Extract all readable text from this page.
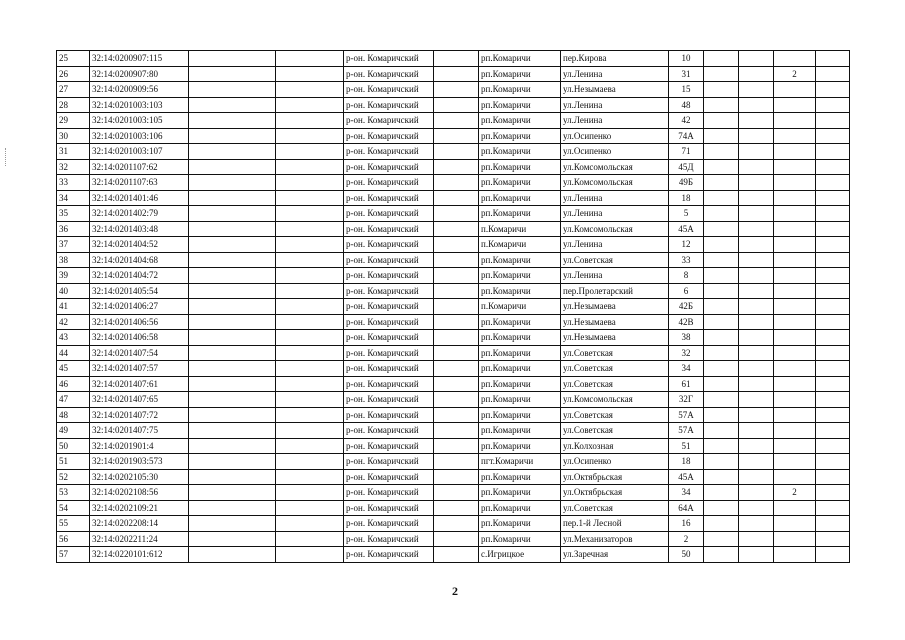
25	32:14:0200907:115			р-он. Комаричский		рп.Комаричи	пер.Кирова	10				
26	32:14:0200907:80			р-он. Комаричский		рп.Комаричи	ул.Ленина	31			2	
27	32:14:0200909:56			р-он. Комаричский		рп.Комаричи	ул.Незымаева	15				
28	32:14:0201003:103			р-он. Комаричский		рп.Комаричи	ул.Ленина	48				
29	32:14:0201003:105			р-он. Комаричский		рп.Комаричи	ул.Ленина	42				
30	32:14:0201003:106			р-он. Комаричский		рп.Комаричи	ул.Осипенко	74А				
31	32:14:0201003:107			р-он. Комаричский		рп.Комаричи	ул.Осипенко	71				
32	32:14:0201107:62			р-он. Комаричский		рп.Комаричи	ул.Комсомольская	45Д				
33	32:14:0201107:63			р-он. Комаричский		рп.Комаричи	ул.Комсомольская	49Б				
34	32:14:0201401:46			р-он. Комаричский		рп.Комаричи	ул.Ленина	18				
35	32:14:0201402:79			р-он. Комаричский		рп.Комаричи	ул.Ленина	5				
36	32:14:0201403:48			р-он. Комаричский		п.Комаричи	ул.Комсомольская	45А				
37	32:14:0201404:52			р-он. Комаричский		п.Комаричи	ул.Ленина	12				
38	32:14:0201404:68			р-он. Комаричский		рп.Комаричи	ул.Советская	33				
39	32:14:0201404:72			р-он. Комаричский		рп.Комаричи	ул.Ленина	8				
40	32:14:0201405:54			р-он. Комаричский		рп.Комаричи	пер.Пролетарский	6				
41	32:14:0201406:27			р-он. Комаричский		п.Комаричи	ул.Незымаева	42Б				
42	32:14:0201406:56			р-он. Комаричский		рп.Комаричи	ул.Незымаева	42В				
43	32:14:0201406:58			р-он. Комаричский		рп.Комаричи	ул.Незымаева	38				
44	32:14:0201407:54			р-он. Комаричский		рп.Комаричи	ул.Советская	32				
45	32:14:0201407:57			р-он. Комаричский		рп.Комаричи	ул.Советская	34				
46	32:14:0201407:61			р-он. Комаричский		рп.Комаричи	ул.Советская	61				
47	32:14:0201407:65			р-он. Комаричский		рп.Комаричи	ул.Комсомольская	32Г				
48	32:14:0201407:72			р-он. Комаричский		рп.Комаричи	ул.Советская	57А				
49	32:14:0201407:75			р-он. Комаричский		рп.Комаричи	ул.Советская	57А				
50	32:14:0201901:4			р-он. Комаричский		рп.Комаричи	ул.Колхозная	51				
51	32:14:0201903:573			р-он. Комаричский		пгт.Комаричи	ул.Осипенко	18				
52	32:14:0202105:30			р-он. Комаричский		рп.Комаричи	ул.Октябрьская	45А				
53	32:14:0202108:56			р-он. Комаричский		рп.Комаричи	ул.Октябрьская	34			2	
54	32:14:0202109:21			р-он. Комаричский		рп.Комаричи	ул.Советская	64А				
55	32:14:0202208:14			р-он. Комаричский		рп.Комаричи	пер.1-й Лесной	16				
56	32:14:0202211:24			р-он. Комаричский		рп.Комаричи	ул.Механизаторов	2				
57	32:14:0220101:612			р-он. Комаричский		с.Игрицкое	ул.Заречная	50				
2
